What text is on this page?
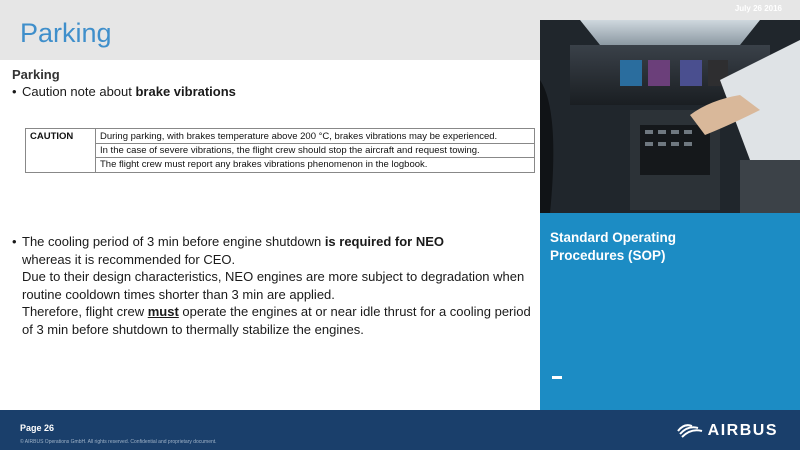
Parking
July 26 2016
Parking
• Caution note about brake vibrations
CAUTION	During parking, with brakes temperature above 200 °C, brakes vibrations may be experienced.
In the case of severe vibrations, the flight crew should stop the aircraft and request towing.
The flight crew must report any brakes vibrations phenomenon in the logbook.

• The cooling period of 3 min before engine shutdown is required for NEO

whereas it is recommended for CEO.

Due to their design characteristics, NEO engines are more subject to degradation when routine cooldown times shorter than 3 min are applied.

Therefore, flight crew must operate the engines at or near idle thrust for a cooling period of 3 min before shutdown to thermally stabilize the engines.

Standard Operating Procedures (SOP)
Page 26
© AIRBUS Operations GmbH. All rights reserved. Confidential and proprietary document.
AIRBUS
